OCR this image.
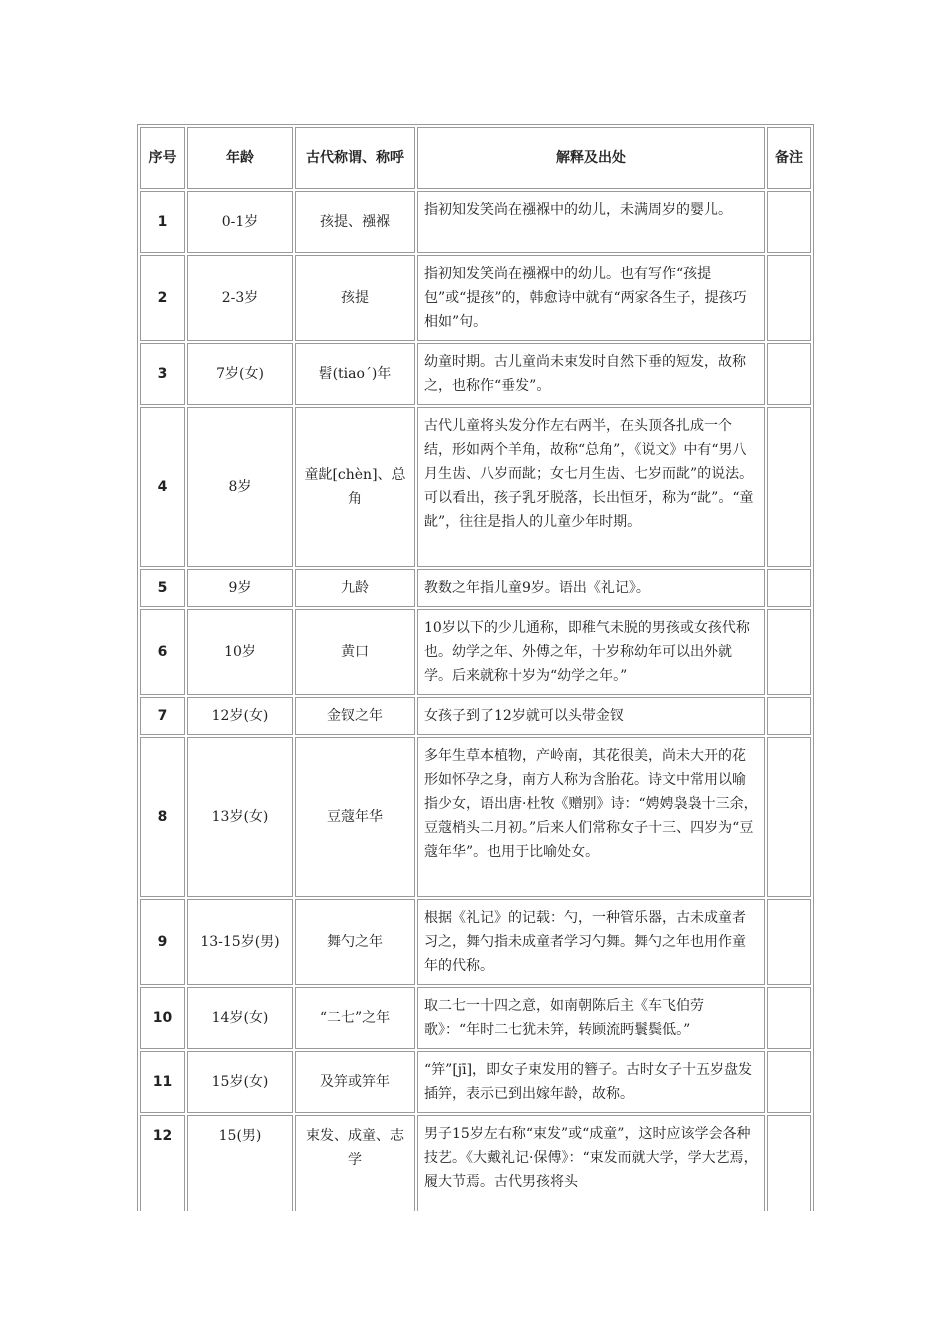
序号	年龄	古代称谓、称呼	解释及出处	备注
1	0-1岁	孩提、襁褓	指初知发笑尚在襁褓中的幼儿，未满周岁的婴儿。	
2	2-3岁	孩提	指初知发笑尚在襁褓中的幼儿。也有写作“孩提包”或“提孩”的，韩愈诗中就有“两家各生子，提孩巧相如”句。	
3	7岁(女)	髫(tiao´)年	幼童时期。古儿童尚未束发时自然下垂的短发，故称之，也称作“垂发”。	
4	8岁	童龀[chèn]、总角	古代儿童将头发分作左右两半，在头顶各扎成一个结，形如两个羊角，故称“总角”，《说文》中有“男八月生齿、八岁而龀；女七月生齿、七岁而龀”的说法。可以看出，孩子乳牙脱落，长出恒牙，称为“龀”。“童龀”，往往是指人的儿童少年时期。	
5	9岁	九龄	教数之年指儿童9岁。语出《礼记》。	
6	10岁	黄口	10岁以下的少儿通称，即稚气未脱的男孩或女孩代称也。幼学之年、外傅之年，十岁称幼年可以出外就学。后来就称十岁为“幼学之年。”	
7	12岁(女)	金钗之年	女孩子到了12岁就可以头带金钗	
8	13岁(女)	豆蔻年华	多年生草本植物，产岭南，其花很美，尚未大开的花形如怀孕之身，南方人称为含胎花。诗文中常用以喻指少女，语出唐·杜牧《赠别》诗：“娉娉袅袅十三余，豆蔻梢头二月初。”后来人们常称女子十三、四岁为“豆蔻年华”。也用于比喻处女。	
9	13-15岁(男)	舞勺之年	根据《礼记》的记载：勺，一种管乐器，古未成童者习之，舞勺指未成童者学习勺舞。舞勺之年也用作童年的代称。	
10	14岁(女)	“二七”之年	取二七一十四之意，如南朝陈后主《车飞伯劳歌》：“年时二七犹未笄，转顾流眄鬟鬓低。”	
11	15岁(女)	及笄或笄年	“笄”[jī]，即女子束发用的簪子。古时女子十五岁盘发插笄，表示已到出嫁年龄，故称。	
12	15(男)	束发、成童、志学	男子15岁左右称“束发”或“成童”，这时应该学会各种技艺。《大戴礼记·保傅》：“束发而就大学，学大艺焉，履大节焉。古代男孩将头	
